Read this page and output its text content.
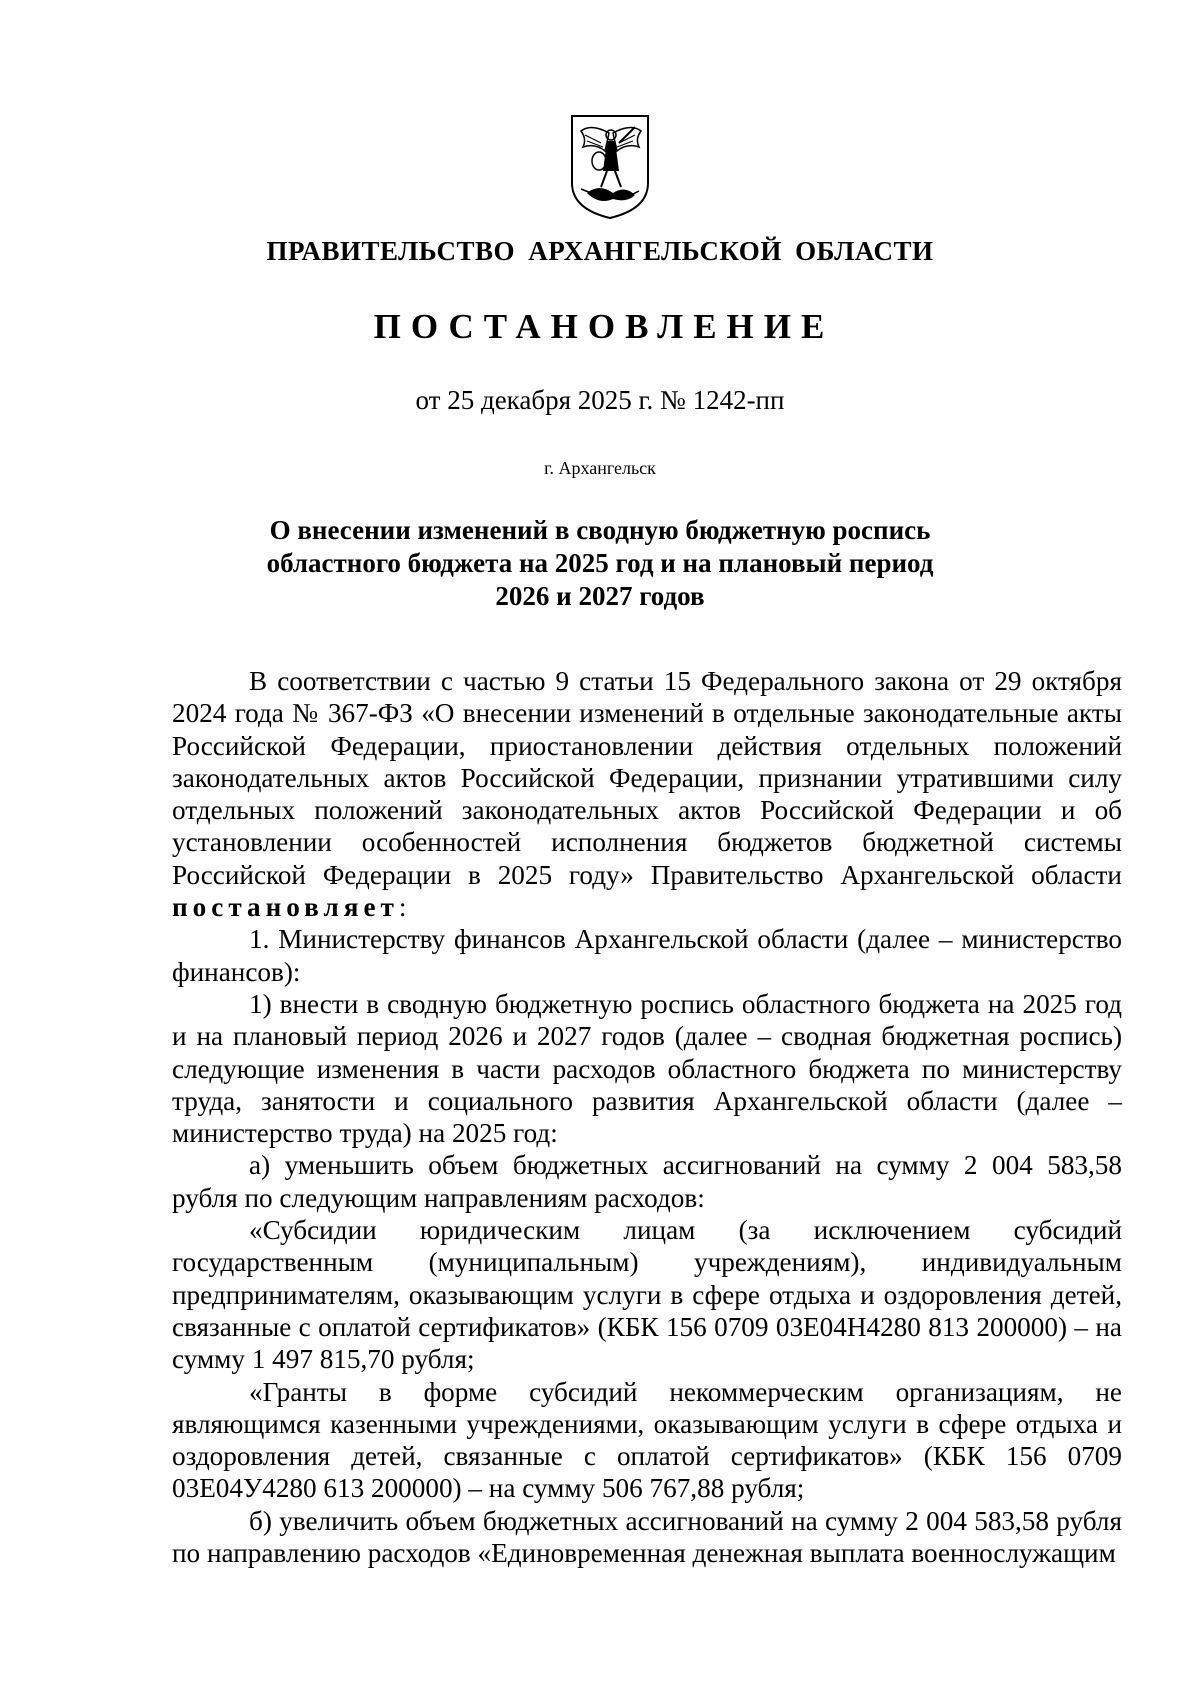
ПРАВИТЕЛЬСТВО АРХАНГЕЛЬСКОЙ ОБЛАСТИ
ПОСТАНОВЛЕНИЕ
от 25 декабря 2025 г. № 1242-пп
г. Архангельск
О внесении изменений в сводную бюджетную роспись
областного бюджета на 2025 год и на плановый период
2026 и 2027 годов

В соответствии с частью 9 статьи 15 Федерального закона от 29 октября 2024 года № 367-ФЗ «О внесении изменений в отдельные законодательные акты Российской Федерации, приостановлении действия отдельных положений законодательных актов Российской Федерации, признании утратившими силу отдельных положений законодательных актов Российской Федерации и об установлении особенностей исполнения бюджетов бюджетной системы Российской Федерации в 2025 году» Правительство Архангельской области постановляет:

1. Министерству финансов Архангельской области (далее – министерство финансов):

1) внести в сводную бюджетную роспись областного бюджета на 2025 год и на плановый период 2026 и 2027 годов (далее – сводная бюджетная роспись) следующие изменения в части расходов областного бюджета по министерству труда, занятости и социального развития Архангельской области (далее – министерство труда) на 2025 год:

а) уменьшить объем бюджетных ассигнований на сумму 2 004 583,58 рубля по следующим направлениям расходов:

«Субсидии юридическим лицам (за исключением субсидий государственным (муниципальным) учреждениям), индивидуальным предпринимателям, оказывающим услуги в сфере отдыха и оздоровления детей, связанные с оплатой сертификатов» (КБК 156 0709 03Е04Н4280 813 200000) – на сумму 1 497 815,70 рубля;

«Гранты в форме субсидий некоммерческим организациям, не являющимся казенными учреждениями, оказывающим услуги в сфере отдыха и оздоровления детей, связанные с оплатой сертификатов» (КБК 156 0709 03Е04У4280 613 200000) – на сумму 506 767,88 рубля;

б) увеличить объем бюджетных ассигнований на сумму 2 004 583,58 рубля по направлению расходов «Единовременная денежная выплата военнослужащим
